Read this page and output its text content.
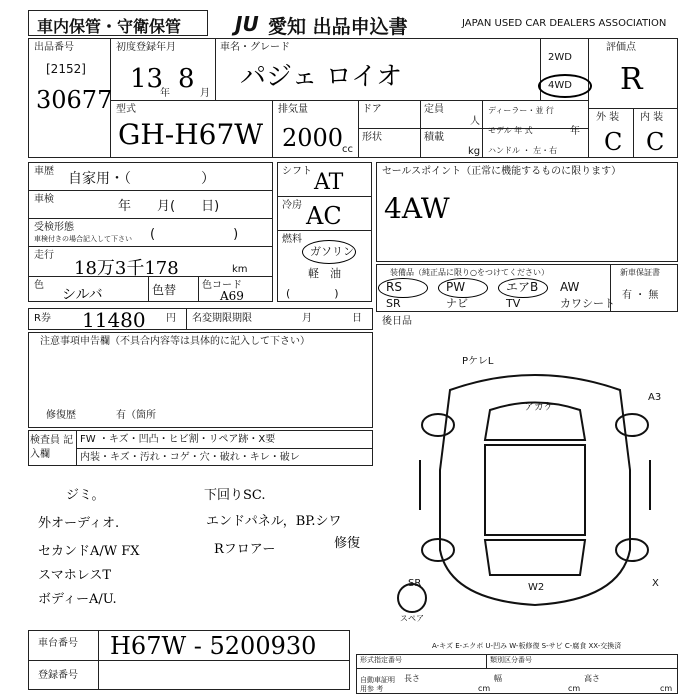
車内保管・守衛保管	JU 愛知 出品申込書	JAPAN USED CAR DEALERS ASSOCIATION
出品番号
[2152]
30677
初度登録年月
13
年 8 月
車名・グレード
パジェ ロイオ
2WD
4WD
評価点
R
外 装 内 装
C C
型式
GH-H67W
排気量
2000
cc
ドア
形状
定員
人
積載
kg
ディーラー・並 行
モデル 年 式	年
ハンドル ・ 左・右
車歴 自家用・（　　　　　）
車検	年　　月(　　日)
受検形態
車検付きの場合記入して下さい (　　　　　　)
走行
18万3千178	km
色
シルバ	色替	色コード
A69
シフト AT
冷房 AC
燃料
ガソリン
軽　油
(　　　　)
セールスポイント（正常に機能するものに限ります）
4AW
装備品（純正品に限り○をつけてください）
RS	PW	エアB AW
SR	ナビ	TV	カワシート
新車保証書
有 ・ 無
R券 11480 円 名変期限期限	月	日 後日品
注意事項申告欄（不具合内容等は具体的に記入して下さい）
修復歴	有（箇所
検査員 記入欄
FW ・キズ・凹凸・ヒビ割・リペア跡・X要
内装・キズ・汚れ・コゲ・穴・破れ・キレ・破レ
ジミ。	下回りSC.
外オーディオ.	エンドパネル，BP.シワ
セカンドA/W FX	Rフロアー	修復
スマホレスT
ボディーA/U.
PケレL
アカケ
A3
SR	W2	X
スペア
A-キズ E-エクボ U-凹み W-板修復 S-サビ C-腐食 XX-交換済
車台番号 H67W - 5200930
登録番号
形式指定番号	類別区分番号
自動車証明用参 考
長さ
cm
幅
cm
高さ
cm
